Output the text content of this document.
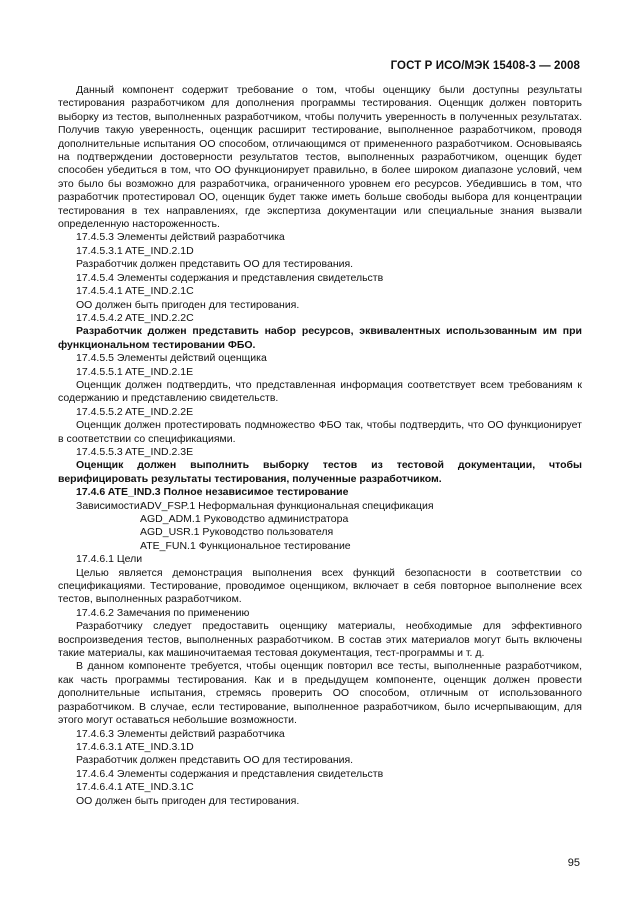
ГОСТ Р ИСО/МЭК 15408-3 — 2008

Данный компонент содержит требование о том, чтобы оценщику были доступны результаты тестирования разработчиком для дополнения программы тестирования. Оценщик должен повторить выборку из тестов, выполненных разработчиком, чтобы получить уверенность в полученных результатах. Получив такую уверенность, оценщик расширит тестирование, выполненное разработчиком, проводя дополнительные испытания ОО способом, отличающимся от примененного разработчиком. Основываясь на подтверждении достоверности результатов тестов, выполненных разработчиком, оценщик будет способен убедиться в том, что ОО функционирует правильно, в более широком диапазоне условий, чем это было бы возможно для разработчика, ограниченного уровнем его ресурсов. Убедившись в том, что разработчик протестировал ОО, оценщик будет также иметь больше свободы выбора для концентрации тестирования в тех направлениях, где экспертиза документации или специальные знания вызвали определенную настороженность.

17.4.5.3 Элементы действий разработчика

17.4.5.3.1 ATE_IND.2.1D

Разработчик должен представить ОО для тестирования.

17.4.5.4 Элементы содержания и представления свидетельств

17.4.5.4.1 ATE_IND.2.1C

ОО должен быть пригоден для тестирования.

17.4.5.4.2 ATE_IND.2.2C

Разработчик должен представить набор ресурсов, эквивалентных использованным им при функциональном тестировании ФБО.

17.4.5.5 Элементы действий оценщика

17.4.5.5.1 ATE_IND.2.1E

Оценщик должен подтвердить, что представленная информация соответствует всем требованиям к содержанию и представлению свидетельств.

17.4.5.5.2 ATE_IND.2.2E

Оценщик должен протестировать подмножество ФБО так, чтобы подтвердить, что ОО функционирует в соответствии со спецификациями.

17.4.5.5.3 ATE_IND.2.3E

Оценщик должен выполнить выборку тестов из тестовой документации, чтобы верифицировать результаты тестирования, полученные разработчиком.

17.4.6 ATE_IND.3 Полное независимое тестирование

Зависимости:
ADV_FSP.1 Неформальная функциональная спецификация
AGD_ADM.1 Руководство администратора
AGD_USR.1 Руководство пользователя
ATE_FUN.1 Функциональное тестирование

17.4.6.1 Цели

Целью является демонстрация выполнения всех функций безопасности в соответствии со спецификациями. Тестирование, проводимое оценщиком, включает в себя повторное выполнение всех тестов, выполненных разработчиком.

17.4.6.2 Замечания по применению

Разработчику следует предоставить оценщику материалы, необходимые для эффективного воспроизведения тестов, выполненных разработчиком. В состав этих материалов могут быть включены такие материалы, как машиночитаемая тестовая документация, тест-программы и т. д.

В данном компоненте требуется, чтобы оценщик повторил все тесты, выполненные разработчиком, как часть программы тестирования. Как и в предыдущем компоненте, оценщик должен провести дополнительные испытания, стремясь проверить ОО способом, отличным от использованного разработчиком. В случае, если тестирование, выполненное разработчиком, было исчерпывающим, для этого могут оставаться небольшие возможности.

17.4.6.3 Элементы действий разработчика

17.4.6.3.1 ATE_IND.3.1D

Разработчик должен представить ОО для тестирования.

17.4.6.4 Элементы содержания и представления свидетельств

17.4.6.4.1 ATE_IND.3.1C

ОО должен быть пригоден для тестирования.

95
